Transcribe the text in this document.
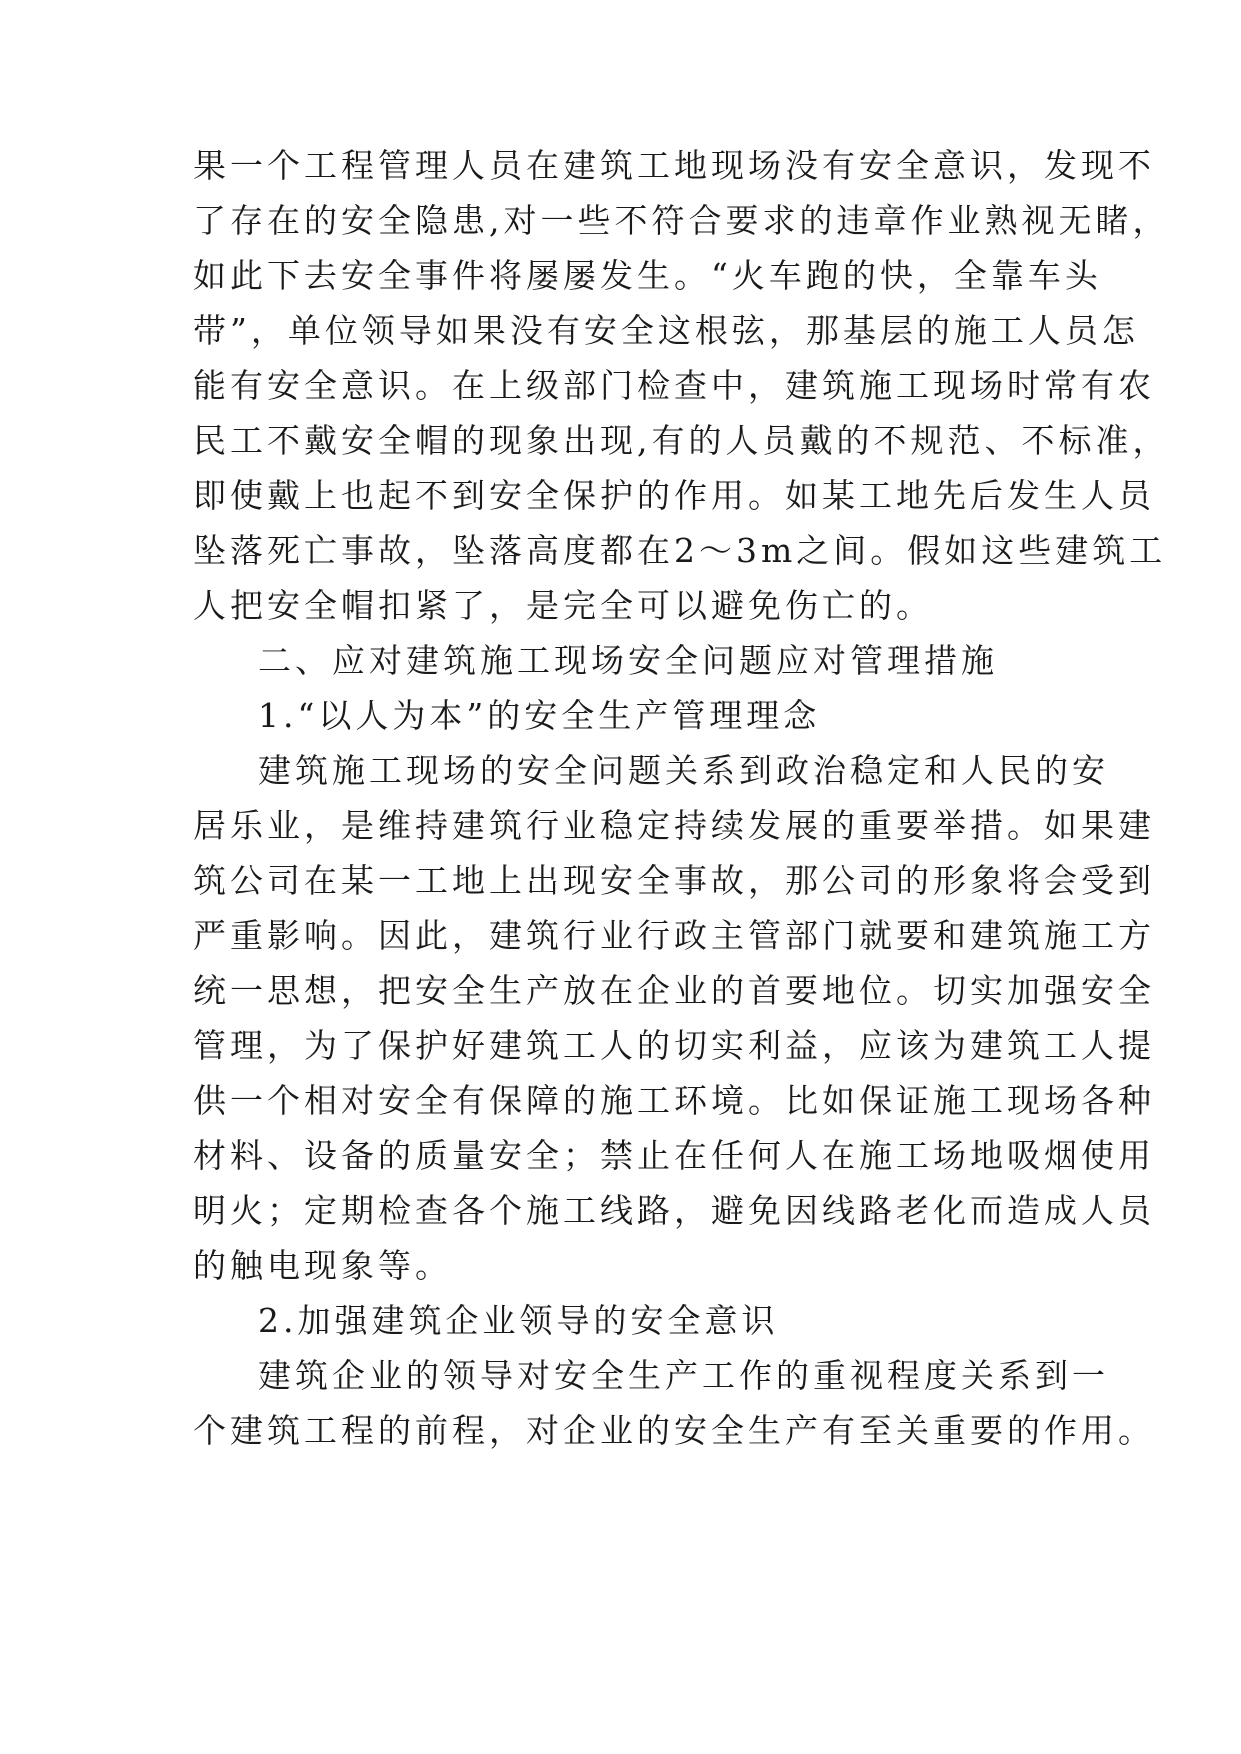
果一个工程管理人员在建筑工地现场没有安全意识，发现不
了存在的安全隐患,对一些不符合要求的违章作业熟视无睹，
如此下去安全事件将屡屡发生。“火车跑的快，全靠车头
带”，单位领导如果没有安全这根弦，那基层的施工人员怎
能有安全意识。在上级部门检查中，建筑施工现场时常有农
民工不戴安全帽的现象出现,有的人员戴的不规范、不标准，
即使戴上也起不到安全保护的作用。如某工地先后发生人员
坠落死亡事故，坠落高度都在2～3m之间。假如这些建筑工
人把安全帽扣紧了，是完全可以避免伤亡的。
二、应对建筑施工现场安全问题应对管理措施
1.“以人为本”的安全生产管理理念
建筑施工现场的安全问题关系到政治稳定和人民的安
居乐业，是维持建筑行业稳定持续发展的重要举措。如果建
筑公司在某一工地上出现安全事故，那公司的形象将会受到
严重影响。因此，建筑行业行政主管部门就要和建筑施工方
统一思想，把安全生产放在企业的首要地位。切实加强安全
管理，为了保护好建筑工人的切实利益，应该为建筑工人提
供一个相对安全有保障的施工环境。比如保证施工现场各种
材料、设备的质量安全；禁止在任何人在施工场地吸烟使用
明火；定期检查各个施工线路，避免因线路老化而造成人员
的触电现象等。
2.加强建筑企业领导的安全意识
建筑企业的领导对安全生产工作的重视程度关系到一
个建筑工程的前程，对企业的安全生产有至关重要的作用。
